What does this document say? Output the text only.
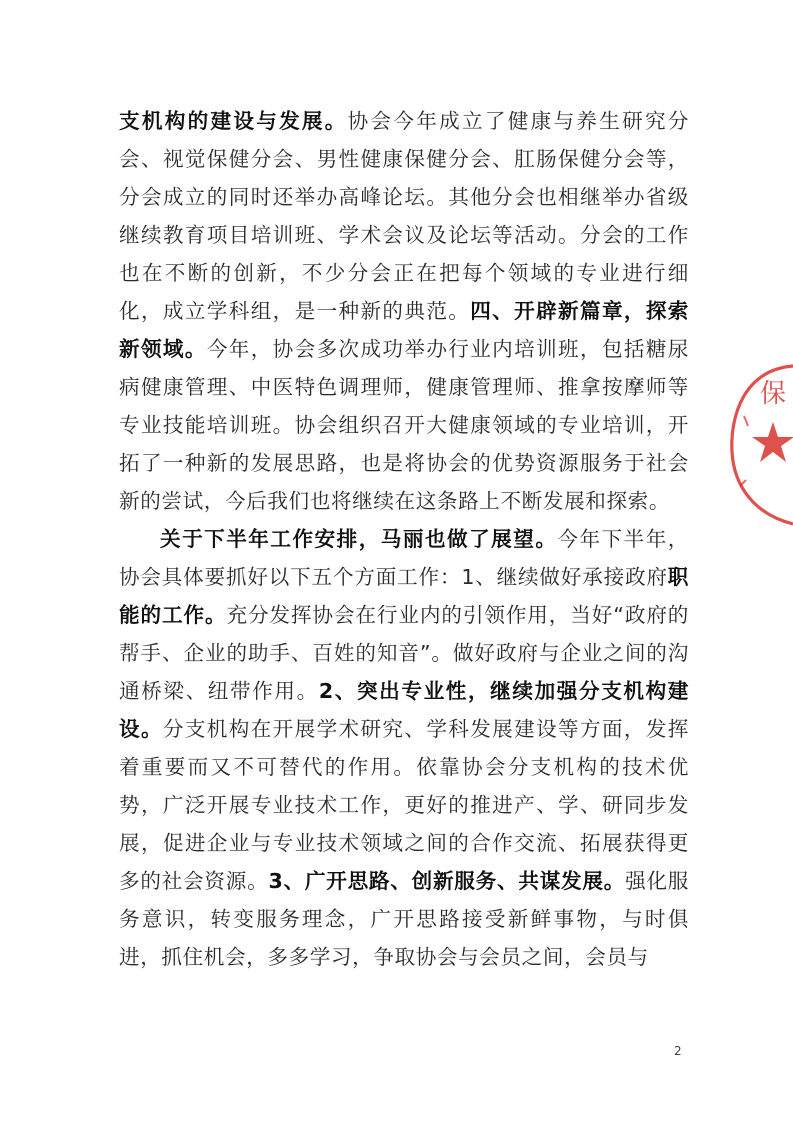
支机构的建设与发展。协会今年成立了健康与养生研究分会、视觉保健分会、男性健康保健分会、肛肠保健分会等，分会成立的同时还举办高峰论坛。其他分会也相继举办省级继续教育项目培训班、学术会议及论坛等活动。分会的工作也在不断的创新，不少分会正在把每个领域的专业进行细化，成立学科组，是一种新的典范。四、开辟新篇章，探索新领域。今年，协会多次成功举办行业内培训班，包括糖尿病健康管理、中医特色调理师，健康管理师、推拿按摩师等专业技能培训班。协会组织召开大健康领域的专业培训，开拓了一种新的发展思路，也是将协会的优势资源服务于社会新的尝试，今后我们也将继续在这条路上不断发展和探索。

关于下半年工作安排，马丽也做了展望。今年下半年，协会具体要抓好以下五个方面工作：1、继续做好承接政府职能的工作。充分发挥协会在行业内的引领作用，当好“政府的帮手、企业的助手、百姓的知音”。做好政府与企业之间的沟通桥梁、纽带作用。2、突出专业性，继续加强分支机构建设。分支机构在开展学术研究、学科发展建设等方面，发挥着重要而又不可替代的作用。依靠协会分支机构的技术优势，广泛开展专业技术工作，更好的推进产、学、研同步发展，促进企业与专业技术领域之间的合作交流、拓展获得更多的社会资源。3、广开思路、创新服务、共谋发展。强化服务意识，转变服务理念，广开思路接受新鲜事物，与时俱进，抓住机会，多多学习，争取协会与会员之间，会员与

保
2
